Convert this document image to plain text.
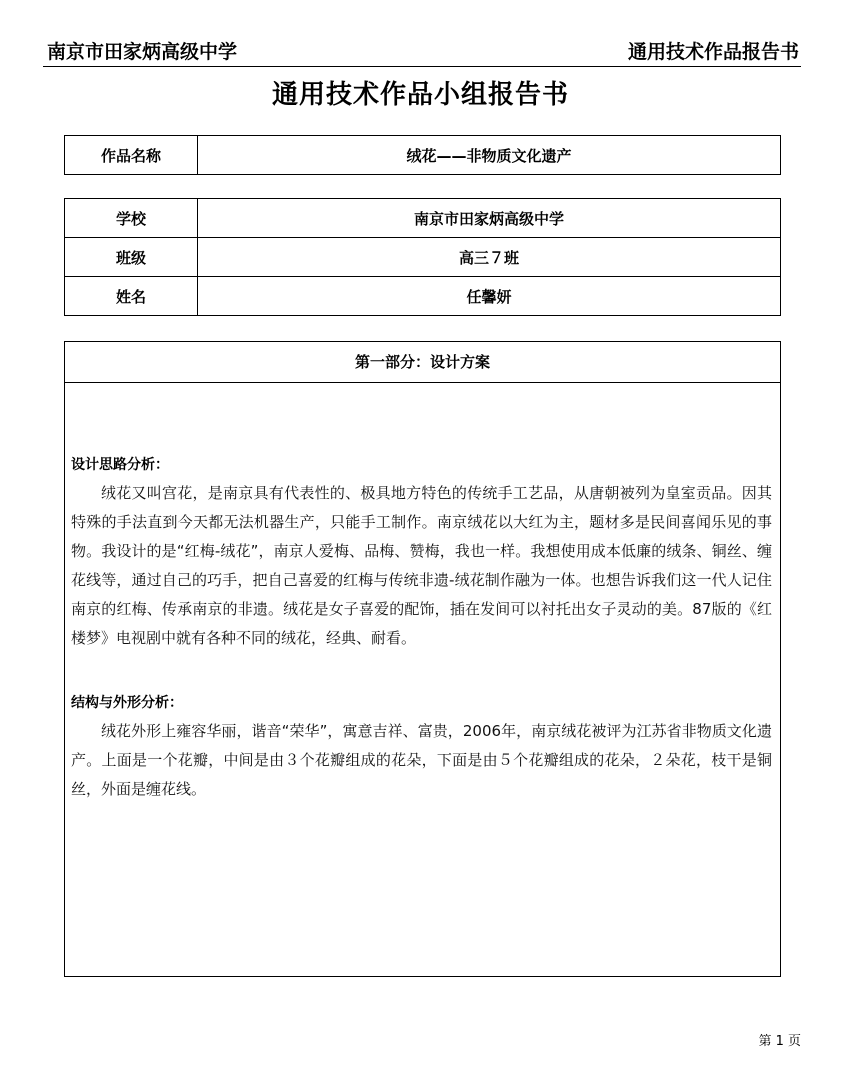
南京市田家炳高级中学	通用技术作品报告书
通用技术作品小组报告书
作品名称	绒花——非物质文化遗产
学校	南京市田家炳高级中学
班级	高三７班
姓名	任馨妍
第一部分：设计方案

设计思路分析：

绒花又叫宫花，是南京具有代表性的、极具地方特色的传统手工艺品，从唐朝被列为皇室贡品。因其特殊的手法直到今天都无法机器生产，只能手工制作。南京绒花以大红为主，题材多是民间喜闻乐见的事物。我设计的是“红梅-绒花”，南京人爱梅、品梅、赞梅，我也一样。我想使用成本低廉的绒条、铜丝、缠花线等，通过自己的巧手，把自己喜爱的红梅与传统非遗-绒花制作融为一体。也想告诉我们这一代人记住南京的红梅、传承南京的非遗。绒花是女子喜爱的配饰，插在发间可以衬托出女子灵动的美。87版的《红楼梦》电视剧中就有各种不同的绒花，经典、耐看。

结构与外形分析：

绒花外形上雍容华丽，谐音“荣华”，寓意吉祥、富贵，2006年，南京绒花被评为江苏省非物质文化遗产。上面是一个花瓣，中间是由３个花瓣组成的花朵，下面是由５个花瓣组成的花朵，２朵花，枝干是铜丝，外面是缠花线。

第 1 页
